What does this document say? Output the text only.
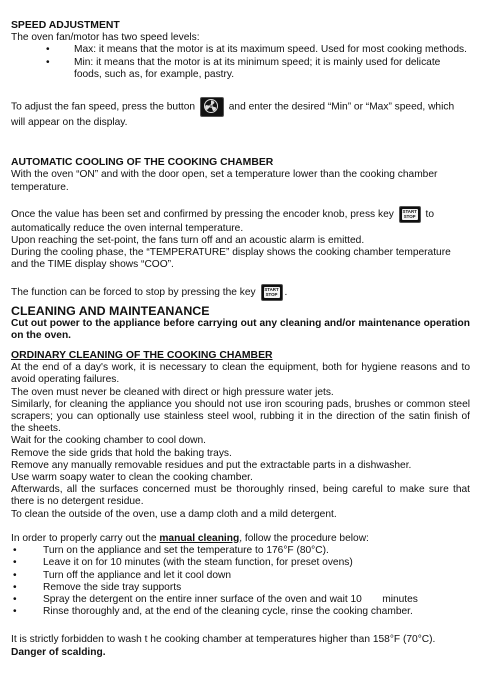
SPEED ADJUSTMENT

The oven fan/motor has two speed levels:

• Max: it means that the motor is at its maximum speed. Used for most cooking methods.
• Min: it means that the motor is at its minimum speed; it is mainly used for delicate foods, such as, for example, pastry.

To adjust the fan speed, press the button	and enter the desired “Min” or “Max” speed, which will appear on the display.

AUTOMATIC COOLING OF THE COOKING CHAMBER

With the oven “ON” and with the door open, set a temperature lower than the cooking chamber temperature.

Once the value has been set and confirmed by pressing the encoder knob, press key START
STOP to automatically reduce the oven internal temperature.

Upon reaching the set-point, the fans turn off and an acoustic alarm is emitted.

During the cooling phase, the “TEMPERATURE” display shows the cooking chamber temperature and the TIME display shows “COO”.

The function can be forced to stop by pressing the key START
STOP .

CLEANING AND MAINTEANANCE

Cut out power to the appliance before carrying out any cleaning and/or maintenance operation on the oven.

ORDINARY CLEANING OF THE COOKING CHAMBER

At the end of a day's work, it is necessary to clean the equipment, both for hygiene reasons and to avoid operating failures.

The oven must never be cleaned with direct or high pressure water jets.

Similarly, for cleaning the appliance you should not use iron scouring pads, brushes or common steel scrapers; you can optionally use stainless steel wool, rubbing it in the direction of the satin finish of the sheets.

Wait for the cooking chamber to cool down.

Remove the side grids that hold the baking trays.

Remove any manually removable residues and put the extractable parts in a dishwasher.

Use warm soapy water to clean the cooking chamber.

Afterwards, all the surfaces concerned must be thoroughly rinsed, being careful to make sure that there is no detergent residue.

To clean the outside of the oven, use a damp cloth and a mild detergent.

In order to properly carry out the manual cleaning, follow the procedure below:

• Turn on the appliance and set the temperature to 176°F (80°C).
• Leave it on for 10 minutes (with the steam function, for preset ovens)
• Turn off the appliance and let it cool down
• Remove the side tray supports
• Spray the detergent on the entire inner surface of the oven and wait 10  minutes
• Rinse thoroughly and, at the end of the cleaning cycle, rinse the cooking chamber.

It is strictly forbidden to wash t he cooking chamber at temperatures higher than 158°F (70°C).

Danger of scalding.
